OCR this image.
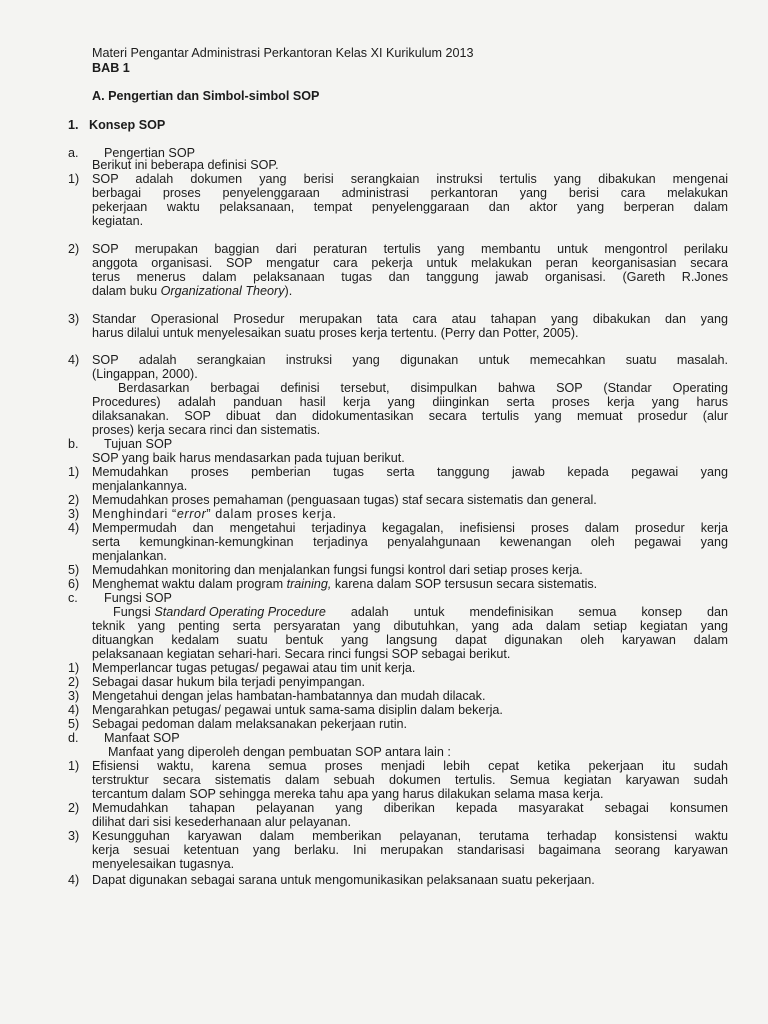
Materi Pengantar Administrasi Perkantoran Kelas XI Kurikulum 2013
BAB 1
A. Pengertian dan Simbol-simbol SOP
1. Konsep SOP
a. Pengertian SOP
Berikut ini beberapa definisi SOP.
1) SOP adalah dokumen yang berisi serangkaian instruksi tertulis yang dibakukan mengenai
berbagai proses penyelenggaraan administrasi perkantoran yang berisi cara melakukan
pekerjaan waktu pelaksanaan, tempat penyelenggaraan dan aktor yang berperan dalam
kegiatan.
2) SOP merupakan baggian dari peraturan tertulis yang membantu untuk mengontrol perilaku
anggota organisasi. SOP mengatur cara pekerja untuk melakukan peran keorganisasian secara
terus menerus dalam pelaksanaan tugas dan tanggung jawab organisasi. (Gareth R.Jones
dalam buku Organizational Theory).
3) Standar Operasional Prosedur merupakan tata cara atau tahapan yang dibakukan dan yang
harus dilalui untuk menyelesaikan suatu proses kerja tertentu. (Perry dan Potter, 2005).
4) SOP adalah serangkaian instruksi yang digunakan untuk memecahkan suatu masalah.
(Lingappan, 2000).
Berdasarkan berbagai definisi tersebut, disimpulkan bahwa SOP (Standar Operating
Procedures) adalah panduan hasil kerja yang diinginkan serta proses kerja yang harus
dilaksanakan. SOP dibuat dan didokumentasikan secara tertulis yang memuat prosedur (alur
proses) kerja secara rinci dan sistematis.
b. Tujuan SOP
SOP yang baik harus mendasarkan pada tujuan berikut.
1) Memudahkan proses pemberian tugas serta tanggung jawab kepada pegawai yang
menjalankannya.
2) Memudahkan proses pemahaman (penguasaan tugas) staf secara sistematis dan general.
3) Menghindari “error” dalam proses kerja.
4) Mempermudah dan mengetahui terjadinya kegagalan, inefisiensi proses dalam prosedur kerja
serta kemungkinan-kemungkinan terjadinya penyalahgunaan kewenangan oleh pegawai yang
menjalankan.
5) Memudahkan monitoring dan menjalankan fungsi fungsi kontrol dari setiap proses kerja.
6) Menghemat waktu dalam program training, karena dalam SOP tersusun secara sistematis.
c. Fungsi SOP
Fungsi Standard Operating Procedure adalah untuk mendefinisikan semua konsep dan
teknik yang penting serta persyaratan yang dibutuhkan, yang ada dalam setiap kegiatan yang
dituangkan kedalam suatu bentuk yang langsung dapat digunakan oleh karyawan dalam
pelaksanaan kegiatan sehari-hari. Secara rinci fungsi SOP sebagai berikut.
1) Memperlancar tugas petugas/ pegawai atau tim unit kerja.
2) Sebagai dasar hukum bila terjadi penyimpangan.
3) Mengetahui dengan jelas hambatan-hambatannya dan mudah dilacak.
4) Mengarahkan petugas/ pegawai untuk sama-sama disiplin dalam bekerja.
5) Sebagai pedoman dalam melaksanakan pekerjaan rutin.
d. Manfaat SOP
Manfaat yang diperoleh dengan pembuatan SOP antara lain :
1) Efisiensi waktu, karena semua proses menjadi lebih cepat ketika pekerjaan itu sudah
terstruktur secara sistematis dalam sebuah dokumen tertulis. Semua kegiatan karyawan sudah
tercantum dalam SOP sehingga mereka tahu apa yang harus dilakukan selama masa kerja.
2) Memudahkan tahapan pelayanan yang diberikan kepada masyarakat sebagai konsumen
dilihat dari sisi kesederhanaan alur pelayanan.
3) Kesungguhan karyawan dalam memberikan pelayanan, terutama terhadap konsistensi waktu
kerja sesuai ketentuan yang berlaku. Ini merupakan standarisasi bagaimana seorang karyawan
menyelesaikan tugasnya.
4) Dapat digunakan sebagai sarana untuk mengomunikasikan pelaksanaan suatu pekerjaan.
